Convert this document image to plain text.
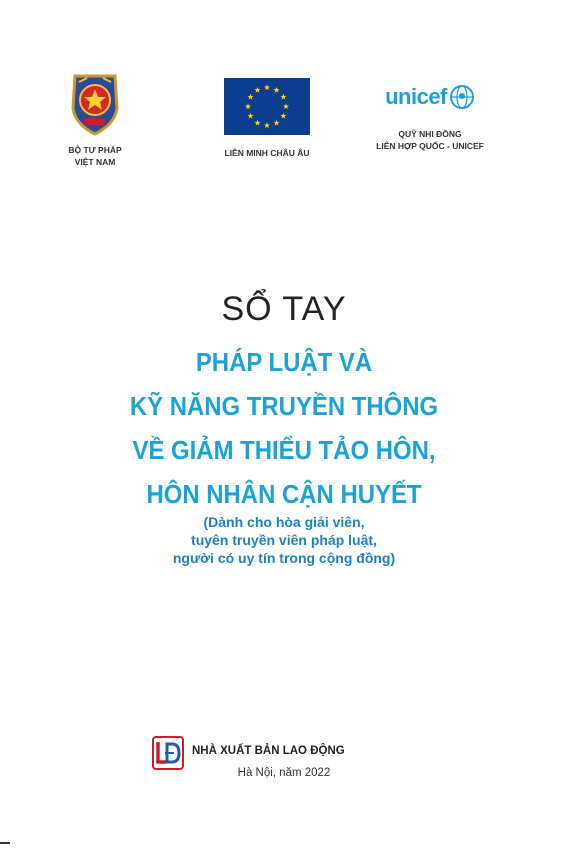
BỘ TƯ PHÁP
VIỆT NAM
LIÊN MINH CHÂU ÂU
unicef
QUỸ NHI ĐỒNG
LIÊN HỢP QUỐC - UNICEF
SỔ TAY
PHÁP LUẬT VÀ
KỸ NĂNG TRUYỀN THÔNG
VỀ GIẢM THIỂU TẢO HÔN,
HÔN NHÂN CẬN HUYẾT
(Dành cho hòa giải viên,
tuyên truyền viên pháp luật,
người có uy tín trong cộng đồng)
NHÀ XUẤT BẢN LAO ĐỘNG
Hà Nội, năm 2022
